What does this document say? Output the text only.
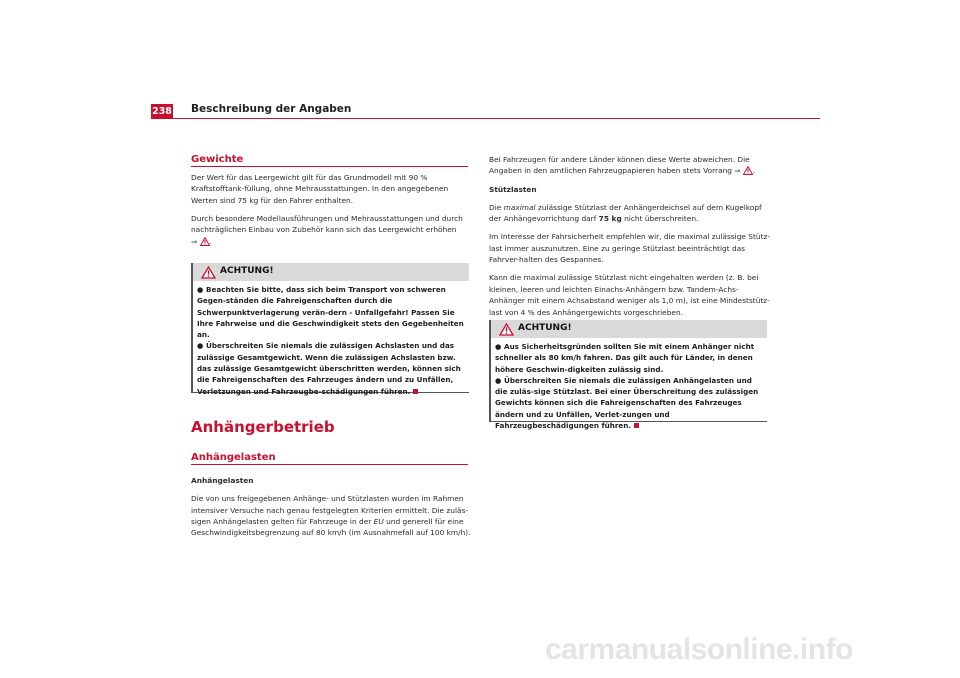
238 Beschreibung der Angaben
Gewichte

Der Wert für das Leergewicht gilt für das Grundmodell mit 90 % Kraftstofftank-füllung, ohne Mehrausstattungen. In den angegebenen Werten sind 75 kg für den Fahrer enthalten.

Durch besondere Modellausführungen und Mehrausstattungen und durch nachträglichen Einbau von Zubehör kann sich das Leergewicht erhöhen
⇒ .

ACHTUNG!

● Beachten Sie bitte, dass sich beim Transport von schweren Gegen-ständen die Fahreigenschaften durch die Schwerpunktverlagerung verän-dern - Unfallgefahr! Passen Sie Ihre Fahrweise und die Geschwindigkeit stets den Gegebenheiten an.

● Überschreiten Sie niemals die zulässigen Achslasten und das zulässige Gesamtgewicht. Wenn die zulässigen Achslasten bzw. das zulässige Gesamtgewicht überschritten werden, können sich die Fahreigenschaften des Fahrzeuges ändern und zu Unfällen, Verletzungen und Fahrzeugbe-schädigungen führen.

Anhängerbetrieb
Anhängelasten

Anhängelasten

Die von uns freigegebenen Anhänge- und Stützlasten wurden im Rahmen intensiver Versuche nach genau festgelegten Kriterien ermittelt. Die zuläs-sigen Anhängelasten gelten für Fahrzeuge in der EU und generell für eine Geschwindigkeitsbegrenzung auf 80 km/h (im Ausnahmefall auf 100 km/h).

Bei Fahrzeugen für andere Länder können diese Werte abweichen. Die Angaben in den amtlichen Fahrzeugpapieren haben stets Vorrang ⇒ .

Stützlasten

Die maximal zulässige Stützlast der Anhängerdeichsel auf dem Kugelkopf der Anhängevorrichtung darf 75 kg nicht überschreiten.

Im Interesse der Fahrsicherheit empfehlen wir, die maximal zulässige Stütz-last immer auszunutzen. Eine zu geringe Stützlast beeinträchtigt das Fahrver-halten des Gespannes.

Kann die maximal zulässige Stützlast nicht eingehalten werden (z. B. bei kleinen, leeren und leichten Einachs-Anhängern bzw. Tandem-Achs-Anhänger mit einem Achsabstand weniger als 1,0 m), ist eine Mindeststütz-last von 4 % des Anhängergewichts vorgeschrieben.

ACHTUNG!

● Aus Sicherheitsgründen sollten Sie mit einem Anhänger nicht schneller als 80 km/h fahren. Das gilt auch für Länder, in denen höhere Geschwin-digkeiten zulässig sind.

● Überschreiten Sie niemals die zulässigen Anhängelasten und die zuläs-sige Stützlast. Bei einer Überschreitung des zulässigen Gewichts können sich die Fahreigenschaften des Fahrzeuges ändern und zu Unfällen, Verlet-zungen und Fahrzeugbeschädigungen führen.

carmanualsonline.info
